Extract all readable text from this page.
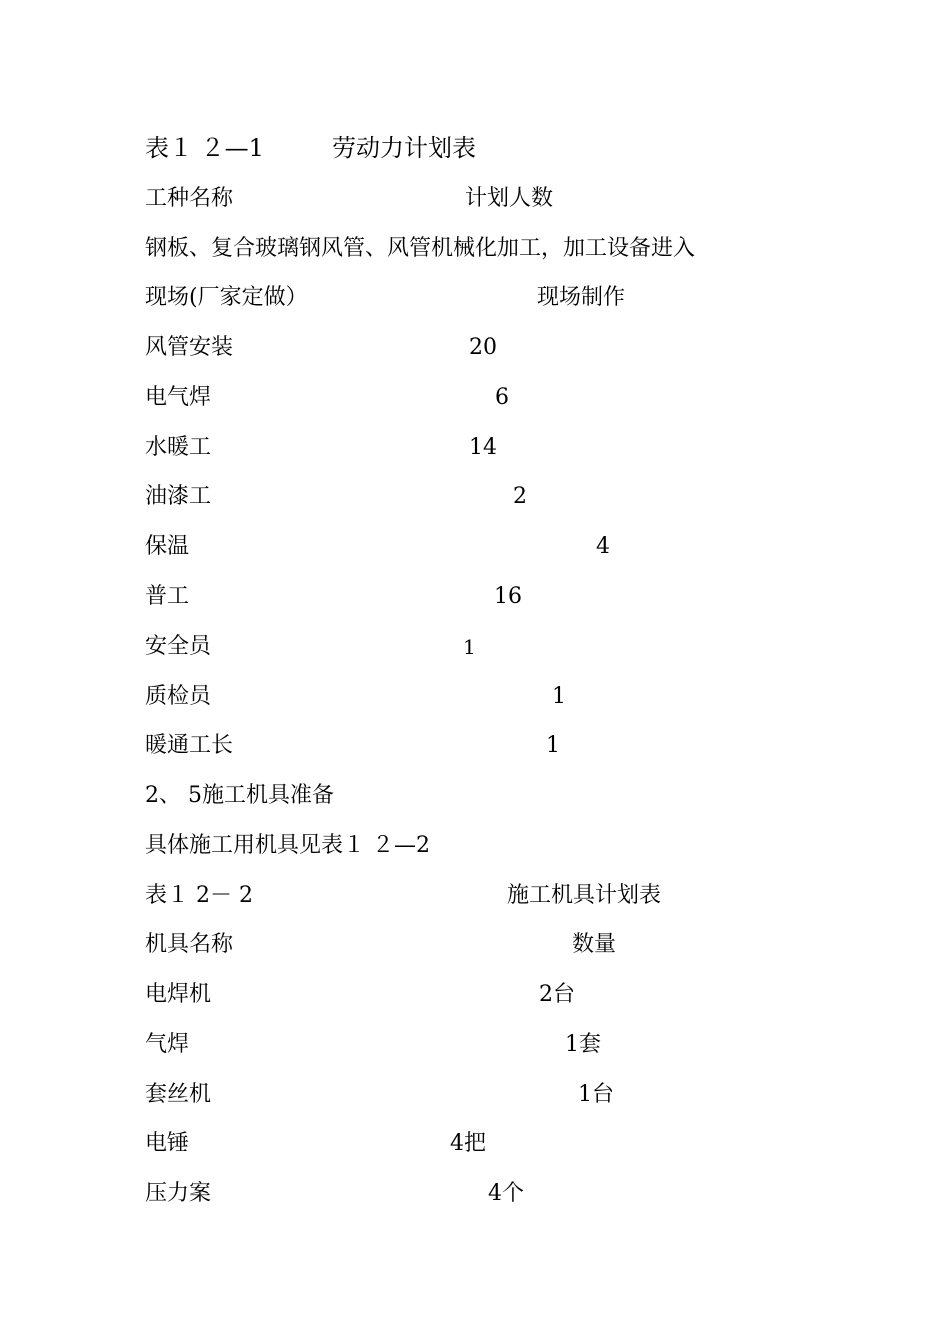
表１ ２—1	劳动力计划表
工种名称	计划人数
钢板、复合玻璃钢风管、风管机械化加工，加工设备进入
现场(厂家定做）	现场制作
风管安装	20
电气焊	6
水暖工	14
油漆工	2
保温	4
普工	16
安全员	1
质检员	1
暖通工长	1
2、 5施工机具准备
具体施工用机具见表１ ２—2
表１ 2－ 2	施工机具计划表
机具名称	数量
电焊机	2台
气焊	1套
套丝机	1台
电锤	4把
压力案	4个
